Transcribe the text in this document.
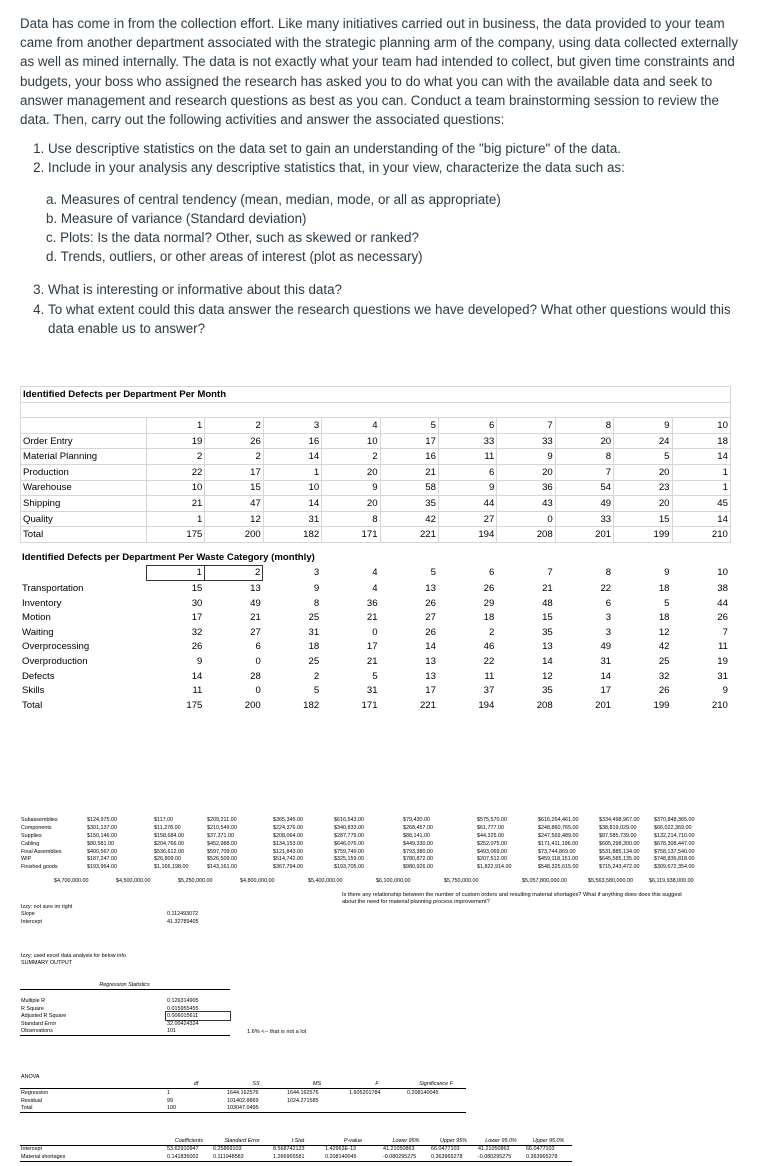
Data has come in from the collection effort. Like many initiatives carried out in business, the data provided to your team came from another department associated with the strategic planning arm of the company, using data collected externally as well as mined internally. The data is not exactly what your team had intended to collect, but given time constraints and budgets, your boss who assigned the research has asked you to do what you can with the available data and seek to answer management and research questions as best as you can. Conduct a team brainstorming session to review the data. Then, carry out the following activities and answer the associated questions:

1. Use descriptive statistics on the data set to gain an understanding of the "big picture" of the data.
2. Include in your analysis any descriptive statistics that, in your view, characterize the data such as:
a. Measures of central tendency (mean, median, mode, or all as appropriate)
b. Measure of variance (Standard deviation)
c. Plots: Is the data normal? Other, such as skewed or ranked?
d. Trends, outliers, or other areas of interest (plot as necessary)
3. What is interesting or informative about this data?
4. To what extent could this data answer the research questions we have developed? What other questions would this data enable us to answer?
Identified Defects per Department Per Month										

	1	2	3	4	5	6	7	8	9	10
Order Entry	19	26	16	10	17	33	33	20	24	18
Material Planning	2	2	14	2	16	11	9	8	5	14
Production	22	17	1	20	21	6	20	7	20	1
Warehouse	10	15	10	9	58	9	36	54	23	1
Shipping	21	47	14	20	35	44	43	49	20	45
Quality	1	12	31	8	42	27	0	33	15	14
Total	175	200	182	171	221	194	208	201	199	210
Identified Defects per Department Per Waste Category (monthly)										
	1	2	3	4	5	6	7	8	9	10
Transportation	15	13	9	4	13	26	21	22	18	38
Inventory	30	49	8	36	26	29	48	6	5	44
Motion	17	21	25	21	27	18	15	3	18	26
Waiting	32	27	31	0	26	2	35	3	12	7
Overprocessing	26	6	18	17	14	46	13	49	42	11
Overproduction	9	0	25	21	13	22	14	31	25	19
Defects	14	28	2	5	13	11	12	14	32	31
Skills	11	0	5	31	17	37	35	17	26	9
Total	175	200	182	171	221	194	208	201	199	210
Subassemblies	$124,975.00	$117.00	$209,211.00	$365,345.00	$616,543.00	$79,430.00	$575,570.00	$616,264,461.00	$334,498,967.00	$370,848,365.00
Components	$301,137.00	$11,278.00	$210,549.00	$224,376.00	$340,833.00	$268,457.00	$61,777.00	$248,860,765.00	$38,819,029.00	$66,022,369.00
Supplies	$150,146.00	$158,684.00	$37,371.00	$208,064.00	$287,779.00	$88,141.00	$44,325.00	$247,569,489.00	$87,585,739.00	$132,214,710.00
Cabling	$80,581.00	$204,766.00	$452,988.00	$134,153.00	$646,076.00	$449,330.00	$252,075.00	$171,411,196.00	$605,298,300.00	$678,308,447.00
Final Assemblies	$400,567.00	$536,612.00	$597,709.00	$121,843.00	$759,749.00	$793,380.00	$493,069.00	$73,744,869.00	$531,885,134.00	$758,137,540.00
WIP	$187,247.00	$26,809.00	$526,509.00	$514,742.00	$325,159.00	$780,872.00	$207,512.00	$459,118,151.00	$645,585,135.00	$748,836,818.00
Finished goods	$193,964.00	$1,166,198.00	$143,161.00	$367,794.00	$193,705.00	$980,926.00	$1,822,914.00	$548,325,615.00	$715,243,472.00	$309,672,354.00
	$4,700,000.00	$4,500,000.00	$5,250,000.00	$4,800,000.00	$5,400,000.00	$6,100,000.00	$5,750,000.00	$5,057,800,000.00	$5,563,580,000.00	$6,119,938,000.00
Is there any relationship between the number of custom orders and resulting material shortages? What if anything does does this suggest about the need for material planning process improvement?
Izzy: not sure im right	
Slope	0.112493072
Intercept	41.32789405
Izzy: used excel data analysis for below info
SUMMARY OUTPUT
Regression Statistics	

Multiple R	0.126314905
R Square	0.015955455
Adjusted R Square	0.006015611
Standard Error	32.00424324
Observations	101	1.6% <-- that is not a lot
ANOVA					
	df	SS	MS	F	Significance F
Regression	1	1644.162576	1644.162576	1.605201784	0.208140045
Residual	99	101402.8869	1024.271585		
Total	100	103047.0495			
	Coefficients	Standard Error	t Stat	P-value	Lower 95%	Upper 95%	Lower 95.0%	Upper 95.0%
Intercept	53.62910947	6.25869103	8.568742123	1.42963E-13	41.21050863	66.0477103	41.21050863	66.0477103
Material shortages	0.141835002	0.111948583	1.266965581	0.208140045	-0.080295275	0.363965278	-0.080295275	0.363965278
